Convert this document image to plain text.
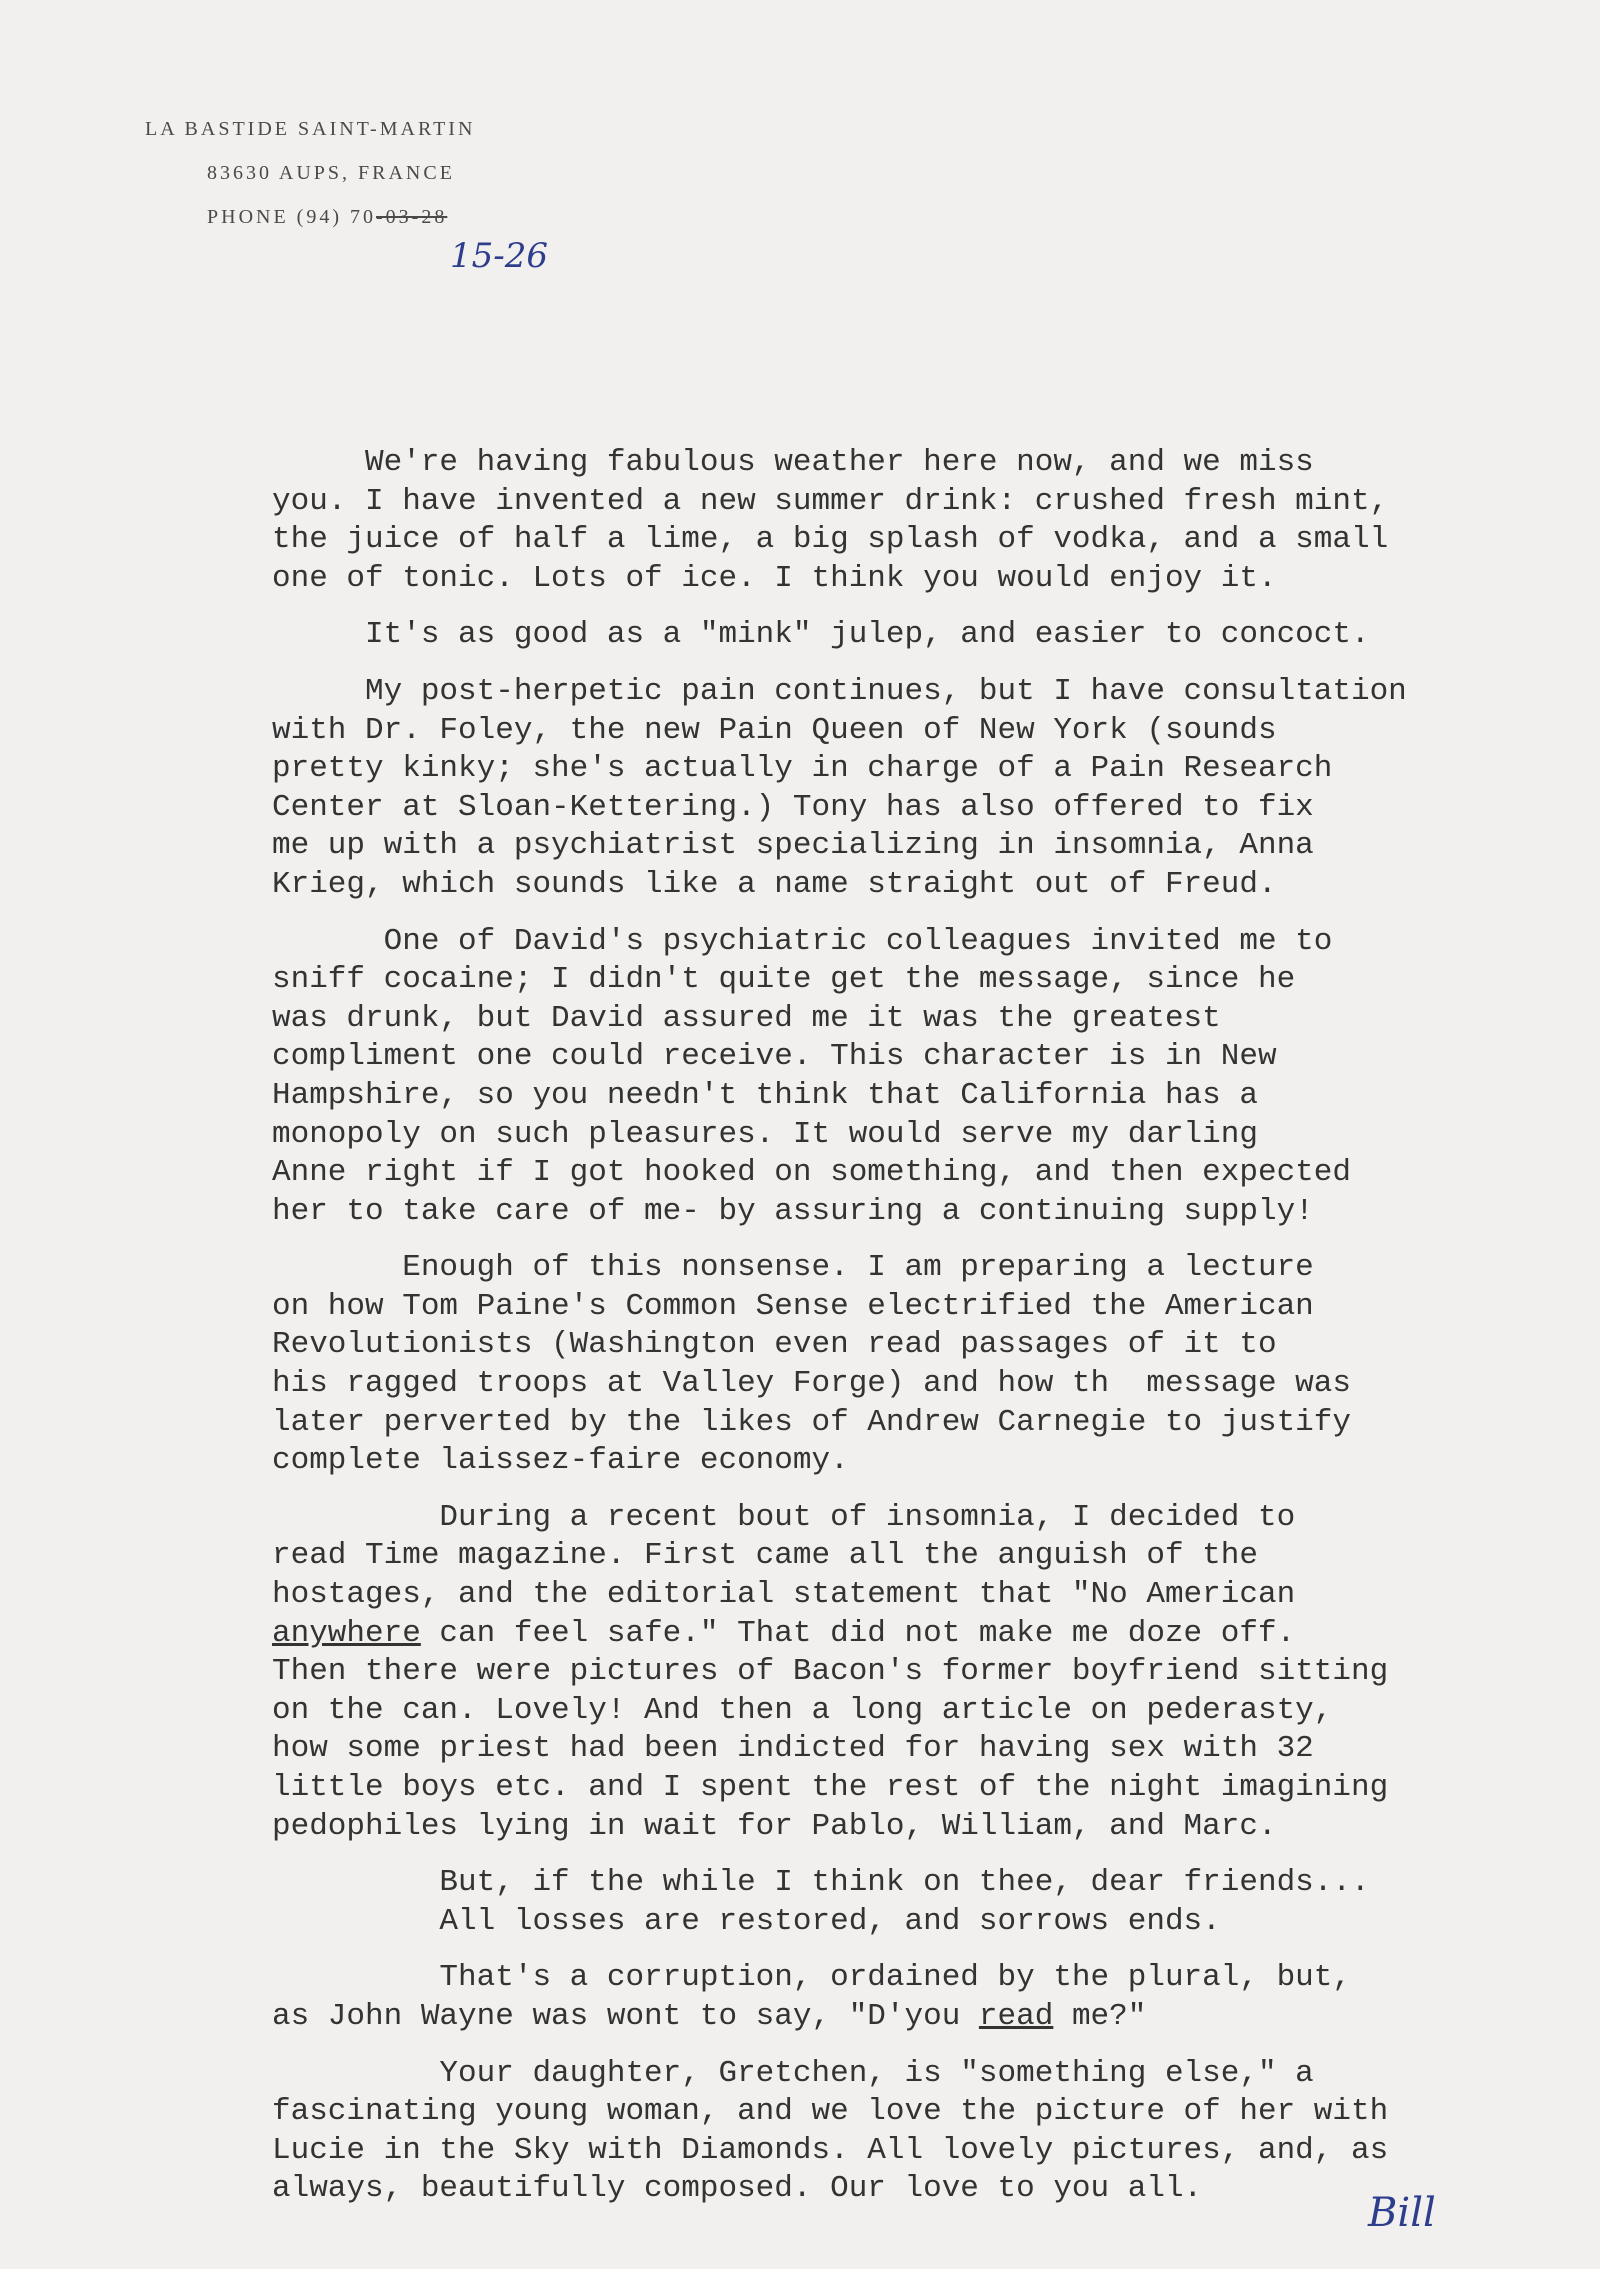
LA BASTIDE SAINT-MARTIN
83630 AUPS, FRANCE
PHONE (94) 70-03-28
15-26

We're having fabulous weather here now, and we miss

you. I have invented a new summer drink: crushed fresh mint,

the juice of half a lime, a big splash of vodka, and a small

one of tonic. Lots of ice. I think you would enjoy it.

It's as good as a "mink" julep, and easier to concoct.

My post-herpetic pain continues, but I have consultation

with Dr. Foley, the new Pain Queen of New York (sounds

pretty kinky; she's actually in charge of a Pain Research

Center at Sloan-Kettering.) Tony has also offered to fix

me up with a psychiatrist specializing in insomnia, Anna

Krieg, which sounds like a name straight out of Freud.

One of David's psychiatric colleagues invited me to

sniff cocaine; I didn't quite get the message, since he

was drunk, but David assured me it was the greatest

compliment one could receive. This character is in New

Hampshire, so you needn't think that California has a

monopoly on such pleasures. It would serve my darling

Anne right if I got hooked on something, and then expected

her to take care of me- by assuring a continuing supply!

Enough of this nonsense. I am preparing a lecture

on how Tom Paine's Common Sense electrified the American

Revolutionists (Washington even read passages of it to

his ragged troops at Valley Forge) and how th  message was

later perverted by the likes of Andrew Carnegie to justify

complete laissez-faire economy.

During a recent bout of insomnia, I decided to

read Time magazine. First came all the anguish of the

hostages, and the editorial statement that "No American

anywhere can feel safe." That did not make me doze off.

Then there were pictures of Bacon's former boyfriend sitting

on the can. Lovely! And then a long article on pederasty,

how some priest had been indicted for having sex with 32

little boys etc. and I spent the rest of the night imagining

pedophiles lying in wait for Pablo, William, and Marc.

But, if the while I think on thee, dear friends...

All losses are restored, and sorrows ends.

That's a corruption, ordained by the plural, but,

as John Wayne was wont to say, "D'you read me?"

Your daughter, Gretchen, is "something else," a

fascinating young woman, and we love the picture of her with

Lucie in the Sky with Diamonds. All lovely pictures, and, as

always, beautifully composed. Our love to you all.

Bill
